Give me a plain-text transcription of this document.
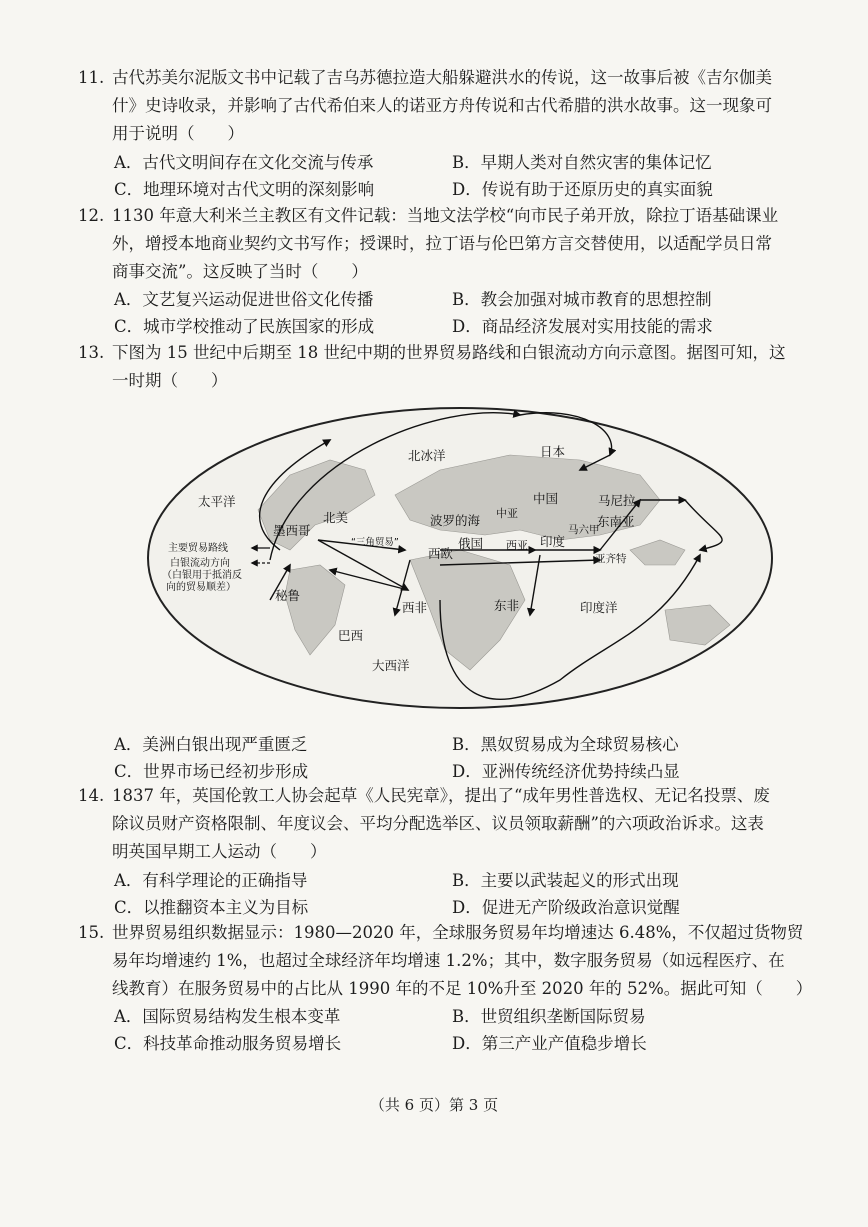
11. 古代苏美尔泥版文书中记载了吉乌苏德拉造大船躲避洪水的传说，这一故事后被《吉尔伽美
什》史诗收录，并影响了古代希伯来人的诺亚方舟传说和古代希腊的洪水故事。这一现象可
用于说明（　　）
A．古代文明间存在文化交流与传承	B．早期人类对自然灾害的集体记忆
C．地理环境对古代文明的深刻影响	D．传说有助于还原历史的真实面貌
12. 1130 年意大利米兰主教区有文件记载：当地文法学校“向市民子弟开放，除拉丁语基础课业
外，增授本地商业契约文书写作；授课时，拉丁语与伦巴第方言交替使用，以适配学员日常
商事交流”。这反映了当时（　　）
A．文艺复兴运动促进世俗文化传播	B．教会加强对城市教育的思想控制
C．城市学校推动了民族国家的形成	D．商品经济发展对实用技能的需求
13. 下图为 15 世纪中后期至 18 世纪中期的世界贸易路线和白银流动方向示意图。据图可知，这
一时期（　　）
太平洋
北冰洋	日本
中国	马尼拉
东南亚
马六甲
亚齐特
墨西哥
北美
“三角贸易”
波罗的海 中亚
西欧
俄国 西亚 印度
秘鲁
西非	东非	印度洋
巴西
大西洋
主要贸易路线
白银流动方向
（白银用于抵消反
向的贸易顺差）
A．美洲白银出现严重匮乏	B．黑奴贸易成为全球贸易核心
C．世界市场已经初步形成	D．亚洲传统经济优势持续凸显
14. 1837 年，英国伦敦工人协会起草《人民宪章》，提出了“成年男性普选权、无记名投票、废
除议员财产资格限制、年度议会、平均分配选举区、议员领取薪酬”的六项政治诉求。这表
明英国早期工人运动（　　）
A．有科学理论的正确指导	B．主要以武装起义的形式出现
C．以推翻资本主义为目标	D．促进无产阶级政治意识觉醒
15. 世界贸易组织数据显示：1980—2020 年，全球服务贸易年均增速达 6.48%，不仅超过货物贸
易年均增速约 1%，也超过全球经济年均增速 1.2%；其中，数字服务贸易（如远程医疗、在
线教育）在服务贸易中的占比从 1990 年的不足 10%升至 2020 年的 52%。据此可知（　　）
A．国际贸易结构发生根本变革	B．世贸组织垄断国际贸易
C．科技革命推动服务贸易增长	D．第三产业产值稳步增长
（共 6 页）第 3 页
